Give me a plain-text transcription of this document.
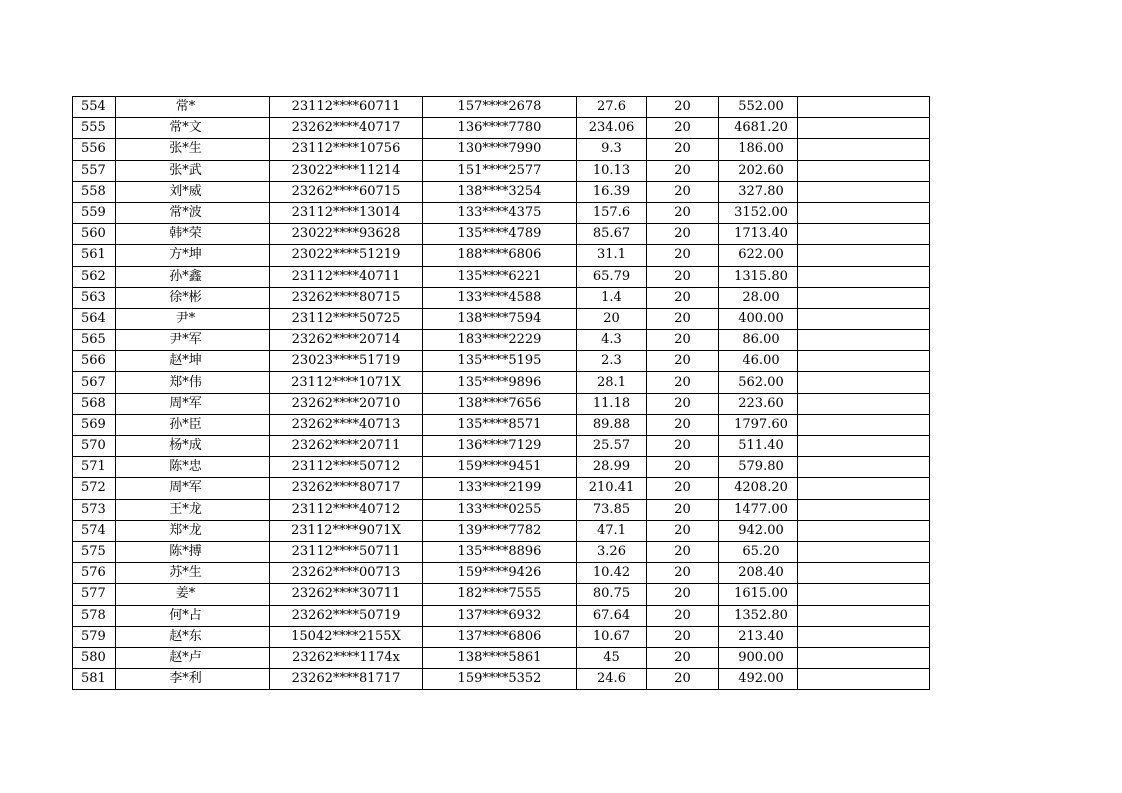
554	常*	23112****60711	157****2678	27.6	20	552.00	
555	常*文	23262****40717	136****7780	234.06	20	4681.20	
556	张*生	23112****10756	130****7990	9.3	20	186.00	
557	张*武	23022****11214	151****2577	10.13	20	202.60	
558	刘*威	23262****60715	138****3254	16.39	20	327.80	
559	常*波	23112****13014	133****4375	157.6	20	3152.00	
560	韩*荣	23022****93628	135****4789	85.67	20	1713.40	
561	方*坤	23022****51219	188****6806	31.1	20	622.00	
562	孙*鑫	23112****40711	135****6221	65.79	20	1315.80	
563	徐*彬	23262****80715	133****4588	1.4	20	28.00	
564	尹*	23112****50725	138****7594	20	20	400.00	
565	尹*军	23262****20714	183****2229	4.3	20	86.00	
566	赵*坤	23023****51719	135****5195	2.3	20	46.00	
567	郑*伟	23112****1071X	135****9896	28.1	20	562.00	
568	周*军	23262****20710	138****7656	11.18	20	223.60	
569	孙*臣	23262****40713	135****8571	89.88	20	1797.60	
570	杨*成	23262****20711	136****7129	25.57	20	511.40	
571	陈*忠	23112****50712	159****9451	28.99	20	579.80	
572	周*军	23262****80717	133****2199	210.41	20	4208.20	
573	王*龙	23112****40712	133****0255	73.85	20	1477.00	
574	郑*龙	23112****9071X	139****7782	47.1	20	942.00	
575	陈*搏	23112****50711	135****8896	3.26	20	65.20	
576	苏*生	23262****00713	159****9426	10.42	20	208.40	
577	姜*	23262****30711	182****7555	80.75	20	1615.00	
578	何*占	23262****50719	137****6932	67.64	20	1352.80	
579	赵*东	15042****2155X	137****6806	10.67	20	213.40	
580	赵*卢	23262****1174x	138****5861	45	20	900.00	
581	李*利	23262****81717	159****5352	24.6	20	492.00	
